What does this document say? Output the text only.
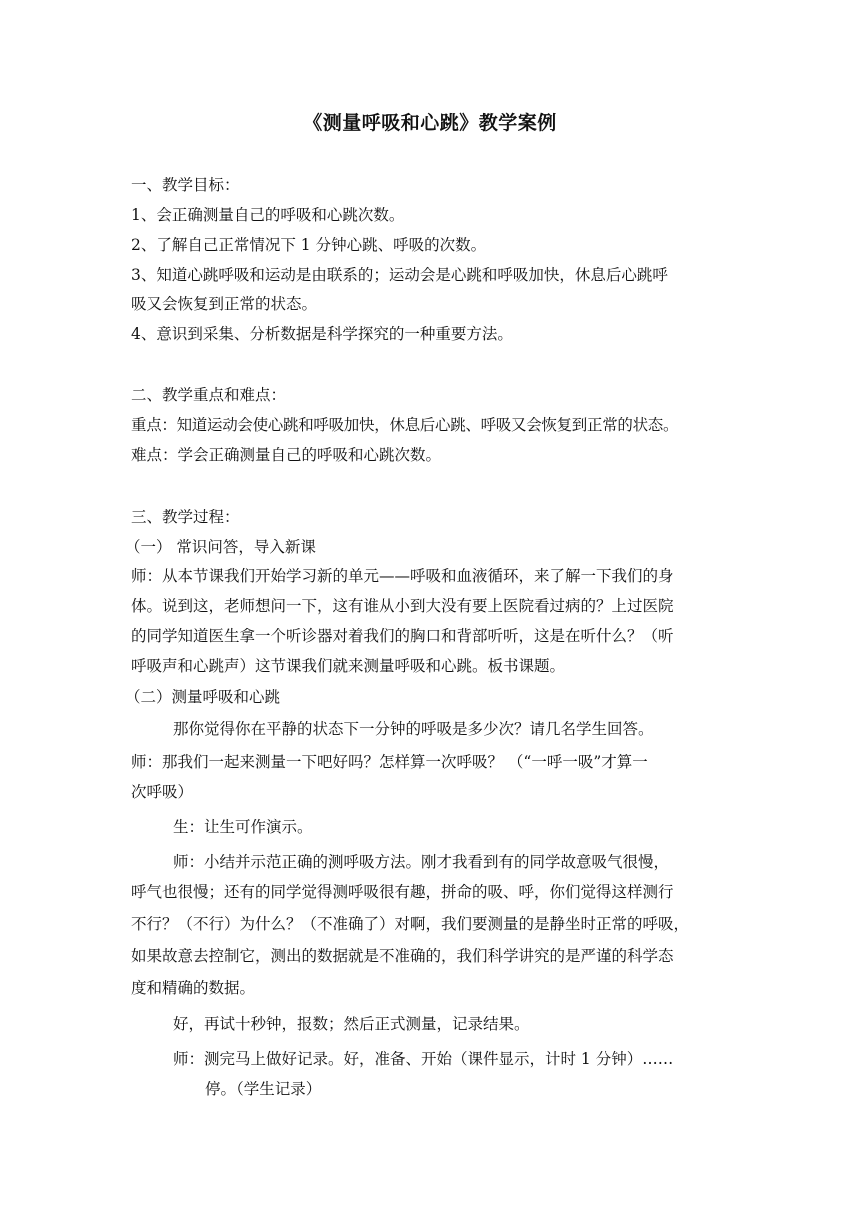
《测量呼吸和心跳》教学案例
一、教学目标：
1、会正确测量自己的呼吸和心跳次数。
2、了解自己正常情况下 1 分钟心跳、呼吸的次数。
3、知道心跳呼吸和运动是由联系的；运动会是心跳和呼吸加快，休息后心跳呼
吸又会恢复到正常的状态。
4、意识到采集、分析数据是科学探究的一种重要方法。
二、教学重点和难点：
重点：知道运动会使心跳和呼吸加快，休息后心跳、呼吸又会恢复到正常的状态。
难点：学会正确测量自己的呼吸和心跳次数。
三、教学过程：
（一） 常识问答，导入新课
师：从本节课我们开始学习新的单元——呼吸和血液循环，来了解一下我们的身
体。说到这，老师想问一下，这有谁从小到大没有要上医院看过病的？上过医院
的同学知道医生拿一个听诊器对着我们的胸口和背部听听，这是在听什么？（听
呼吸声和心跳声）这节课我们就来测量呼吸和心跳。板书课题。
（二）测量呼吸和心跳
那你觉得你在平静的状态下一分钟的呼吸是多少次？请几名学生回答。
师：那我们一起来测量一下吧好吗？怎样算一次呼吸？ （“一呼一吸”才算一
次呼吸）
生：让生可作演示。
师：小结并示范正确的测呼吸方法。刚才我看到有的同学故意吸气很慢，
呼气也很慢；还有的同学觉得测呼吸很有趣，拼命的吸、呼，你们觉得这样测行
不行？（不行）为什么？（不准确了）对啊，我们要测量的是静坐时正常的呼吸，
如果故意去控制它，测出的数据就是不准确的，我们科学讲究的是严谨的科学态
度和精确的数据。
好，再试十秒钟，报数；然后正式测量，记录结果。
师：测完马上做好记录。好，准备、开始（课件显示，计时 1 分钟）……
停。（学生记录）
